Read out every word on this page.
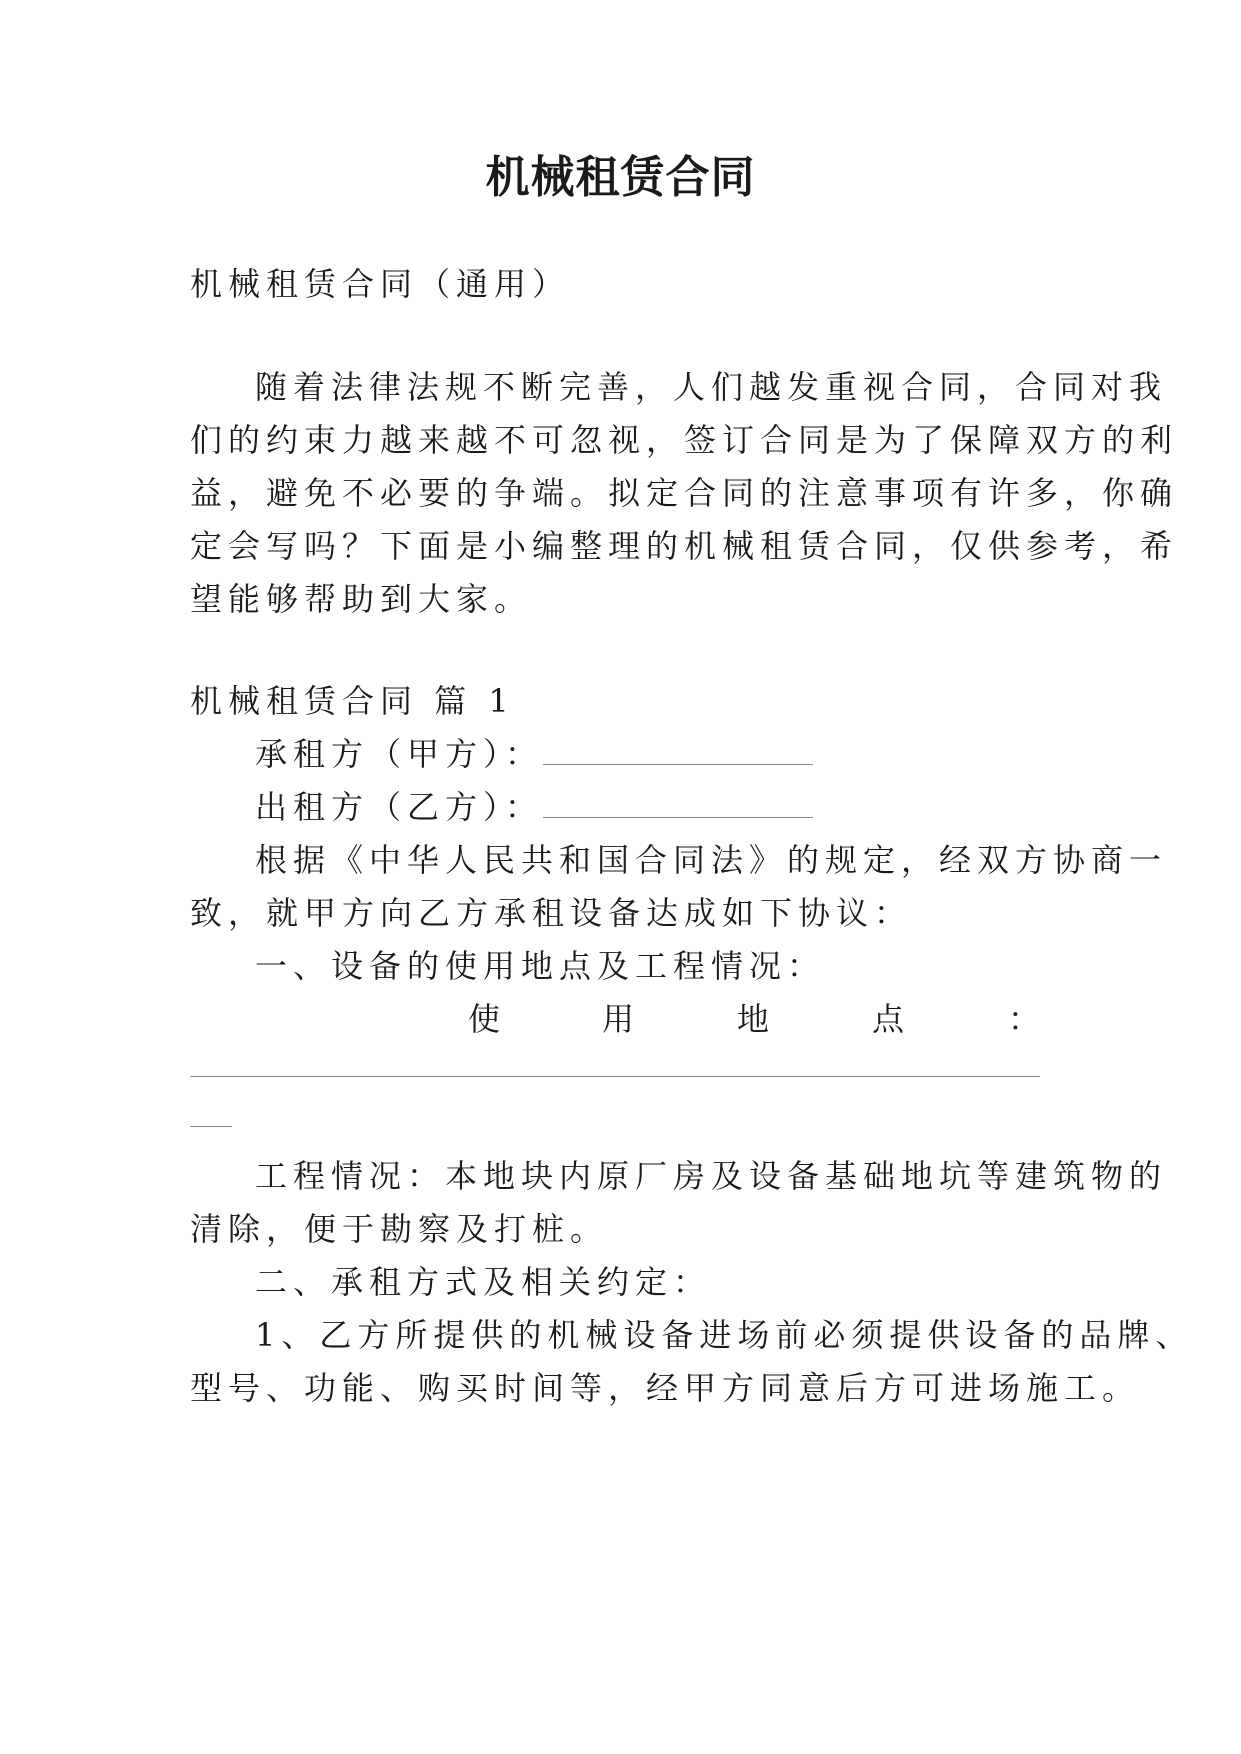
机械租赁合同

机械租赁合同（通用）

随着法律法规不断完善，人们越发重视合同，合同对我

们的约束力越来越不可忽视，签订合同是为了保障双方的利

益，避免不必要的争端。拟定合同的注意事项有许多，你确

定会写吗？下面是小编整理的机械租赁合同，仅供参考，希

望能够帮助到大家。

机械租赁合同 篇 1

承租方（甲方）：

出租方（乙方）：

根据《中华人民共和国合同法》的规定，经双方协商一

致，就甲方向乙方承租设备达成如下协议：

一、设备的使用地点及工程情况：

使	用	地	点	：

工程情况：本地块内原厂房及设备基础地坑等建筑物的

清除，便于勘察及打桩。

二、承租方式及相关约定：

1、乙方所提供的机械设备进场前必须提供设备的品牌、

型号、功能、购买时间等，经甲方同意后方可进场施工。
